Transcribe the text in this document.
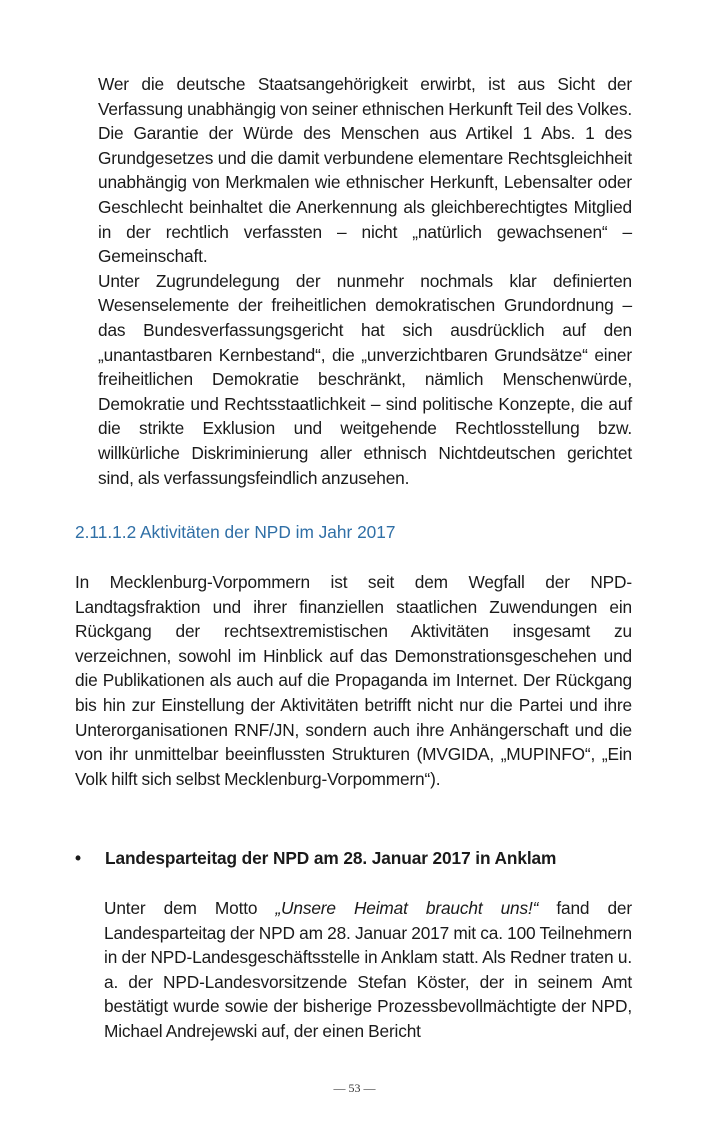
Wer die deutsche Staatsangehörigkeit erwirbt, ist aus Sicht der Verfassung unabhängig von seiner ethnischen Herkunft Teil des Volkes. Die Garantie der Würde des Menschen aus Artikel 1 Abs. 1 des Grundgesetzes und die damit verbundene elementare Rechtsgleichheit unabhängig von Merkmalen wie ethnischer Herkunft, Lebensalter oder Geschlecht beinhaltet die Anerkennung als gleichberechtigtes Mitglied in der rechtlich verfassten – nicht „natürlich gewachsenen“ – Gemeinschaft.

Unter Zugrundelegung der nunmehr nochmals klar definierten Wesenselemente der freiheitlichen demokratischen Grundordnung – das Bundesverfassungsgericht hat sich ausdrücklich auf den „unantastbaren Kernbestand“, die „unverzichtbaren Grundsätze“ einer freiheitlichen Demokratie beschränkt, nämlich Menschenwürde, Demokratie und Rechtsstaatlichkeit – sind politische Konzepte, die auf die strikte Exklusion und weitgehende Rechtlosstellung bzw. willkürliche Diskriminierung aller ethnisch Nichtdeutschen gerichtet sind, als verfassungsfeindlich anzusehen.

2.11.1.2 Aktivitäten der NPD im Jahr 2017

In Mecklenburg-Vorpommern ist seit dem Wegfall der NPD-Landtagsfraktion und ihrer finanziellen staatlichen Zuwendungen ein Rückgang der rechtsextremistischen Aktivitäten insgesamt zu verzeichnen, sowohl im Hinblick auf das Demonstrationsgeschehen und die Publikationen als auch auf die Propaganda im Internet. Der Rückgang bis hin zur Einstellung der Aktivitäten betrifft nicht nur die Partei und ihre Unterorganisationen RNF/JN, sondern auch ihre Anhängerschaft und die von ihr unmittelbar beeinflussten Strukturen (MVGIDA, „MUPINFO“, „Ein Volk hilft sich selbst Mecklenburg-Vorpommern“).

•	Landesparteitag der NPD am 28. Januar 2017 in Anklam

Unter dem Motto „Unsere Heimat braucht uns!“ fand der Landesparteitag der NPD am 28. Januar 2017 mit ca. 100 Teilnehmern in der NPD-Landesgeschäftsstelle in Anklam statt. Als Redner traten u. a. der NPD-Landesvorsitzende Stefan Köster, der in seinem Amt bestätigt wurde sowie der bisherige Prozessbevollmächtigte der NPD, Michael Andrejewski auf, der einen Bericht

— 53 —
